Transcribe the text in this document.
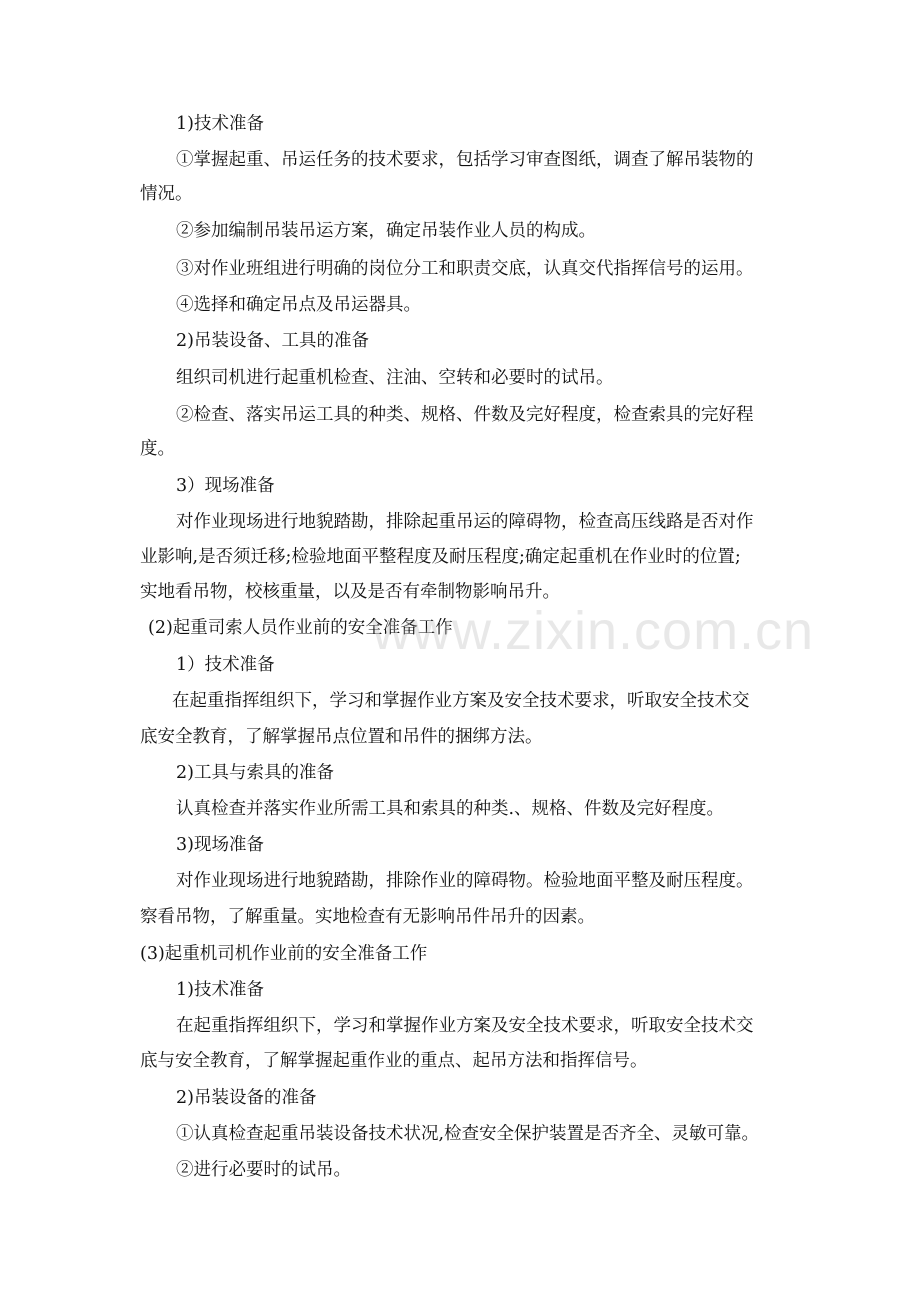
1)技术准备

①掌握起重、吊运任务的技术要求，包括学习审查图纸，调查了解吊装物的

情况。

②参加编制吊装吊运方案，确定吊装作业人员的构成。

③对作业班组进行明确的岗位分工和职责交底，认真交代指挥信号的运用。

④选择和确定吊点及吊运器具。

2)吊装设备、工具的准备

组织司机进行起重机检查、注油、空转和必要时的试吊。

②检查、落实吊运工具的种类、规格、件数及完好程度，检查索具的完好程

度。

3）现场准备

对作业现场进行地貌踏勘，排除起重吊运的障碍物，检查高压线路是否对作

业影响,是否须迁移;检验地面平整程度及耐压程度;确定起重机在作业时的位置;

实地看吊物，校核重量，以及是否有牵制物影响吊升。

(2)起重司索人员作业前的安全准备工作

1）技术准备

在起重指挥组织下，学习和掌握作业方案及安全技术要求，听取安全技术交

底安全教育，了解掌握吊点位置和吊件的捆绑方法。

2)工具与索具的准备

认真检查并落实作业所需工具和索具的种类.、规格、件数及完好程度。

3)现场准备

对作业现场进行地貌踏勘，排除作业的障碍物。检验地面平整及耐压程度。

察看吊物，了解重量。实地检查有无影响吊件吊升的因素。

(3)起重机司机作业前的安全准备工作

1)技术准备

在起重指挥组织下，学习和掌握作业方案及安全技术要求，听取安全技术交

底与安全教育，了解掌握起重作业的重点、起吊方法和指挥信号。

2)吊装设备的准备

①认真检查起重吊装设备技术状况,检查安全保护装置是否齐全、灵敏可靠。

②进行必要时的试吊。

www.zixin.com.cn
